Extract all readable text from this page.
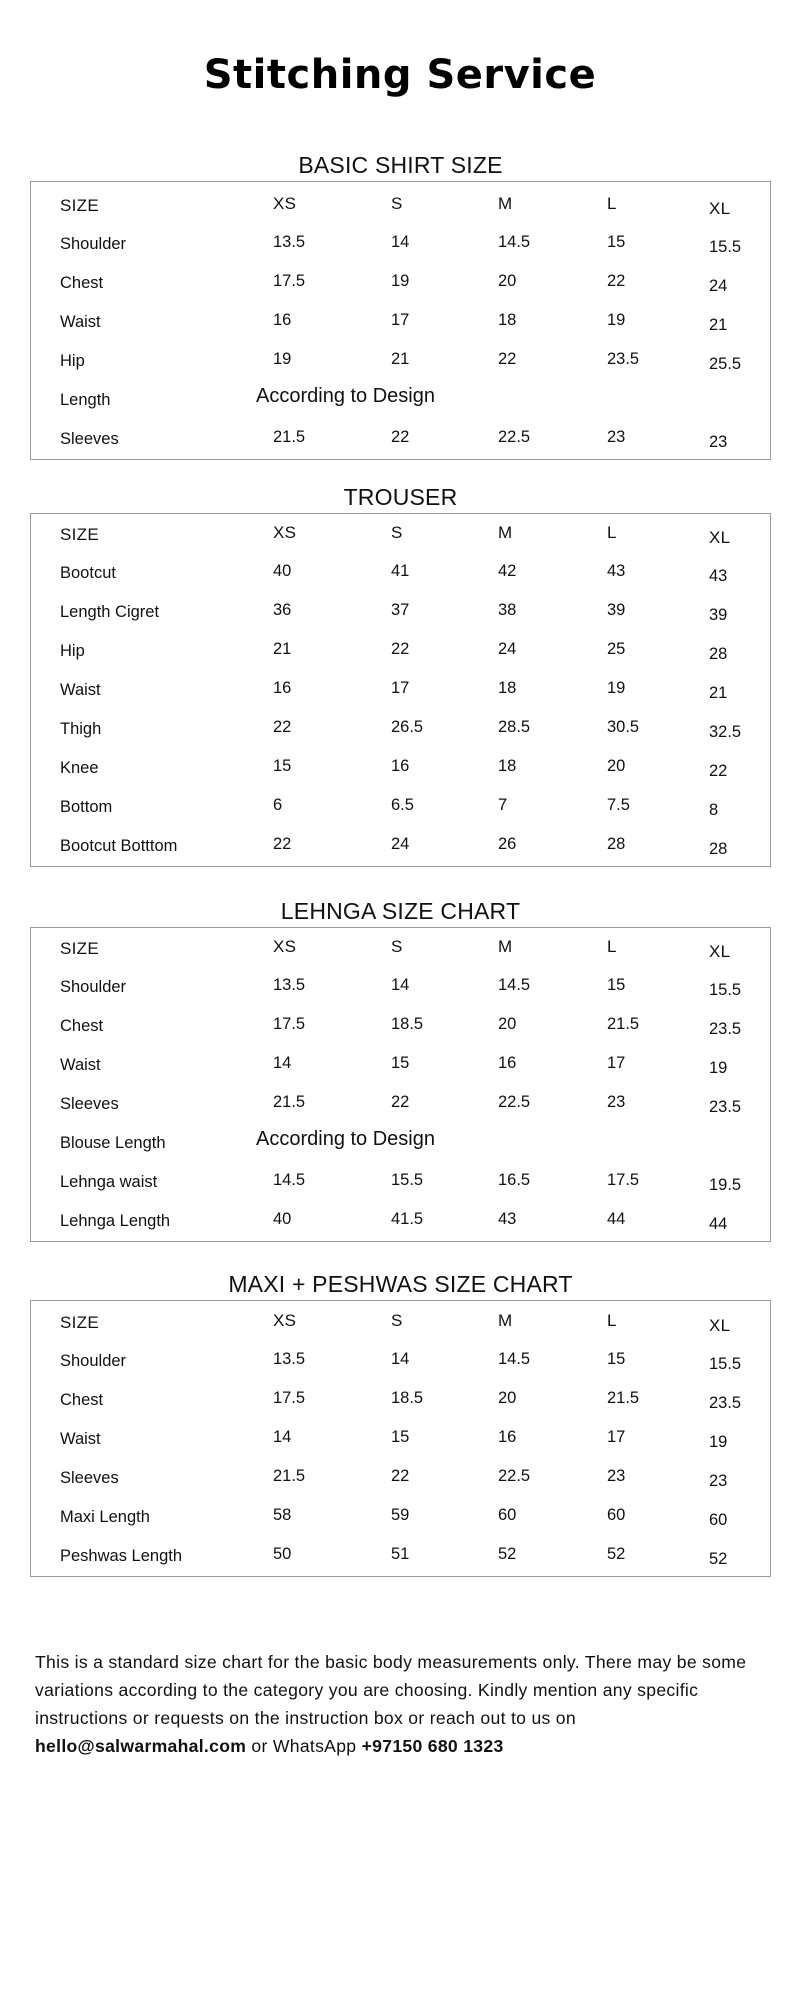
Stitching Service
BASIC SHIRT SIZE
SIZE	XS	S	M	L	XL
Shoulder	13.5	14	14.5	15	15.5
Chest	17.5	19	20	22	24
Waist	16	17	18	19	21
Hip	19	21	22	23.5	25.5
Length	According to Design
Sleeves	21.5	22	22.5	23	23
TROUSER
SIZE	XS	S	M	L	XL
Bootcut	40	41	42	43	43
Length Cigret	36	37	38	39	39
Hip	21	22	24	25	28
Waist	16	17	18	19	21
Thigh	22	26.5	28.5	30.5	32.5
Knee	15	16	18	20	22
Bottom	6	6.5	7	7.5	8
Bootcut Botttom	22	24	26	28	28
LEHNGA SIZE CHART
SIZE	XS	S	M	L	XL
Shoulder	13.5	14	14.5	15	15.5
Chest	17.5	18.5	20	21.5	23.5
Waist	14	15	16	17	19
Sleeves	21.5	22	22.5	23	23.5
Blouse Length	According to Design
Lehnga waist	14.5	15.5	16.5	17.5	19.5
Lehnga Length	40	41.5	43	44	44
MAXI + PESHWAS SIZE CHART
SIZE	XS	S	M	L	XL
Shoulder	13.5	14	14.5	15	15.5
Chest	17.5	18.5	20	21.5	23.5
Waist	14	15	16	17	19
Sleeves	21.5	22	22.5	23	23
Maxi Length	58	59	60	60	60
Peshwas Length	50	51	52	52	52
This is a standard size chart for the basic body measurements only. There may be some variations according to the category you are choosing. Kindly mention any specific instructions or requests on the instruction box or reach out to us on hello@salwarmahal.com or WhatsApp +97150 680 1323
